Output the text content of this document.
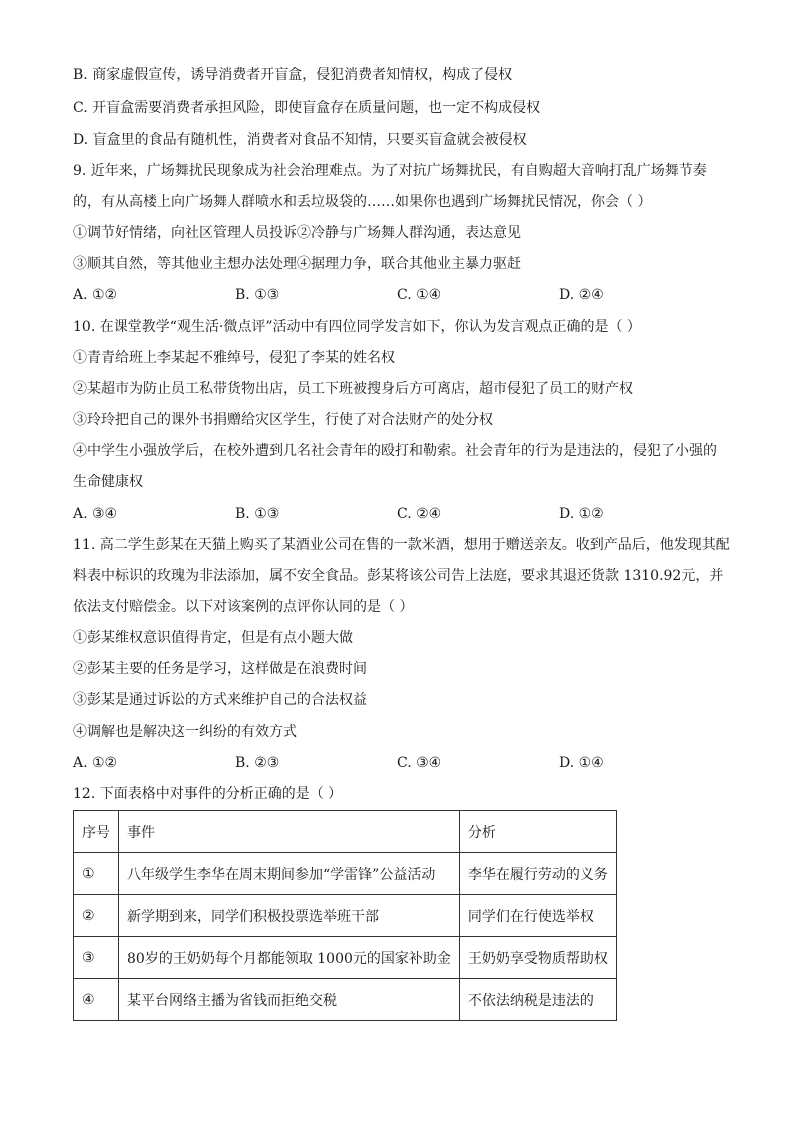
B. 商家虚假宣传，诱导消费者开盲盒，侵犯消费者知情权，构成了侵权
C. 开盲盒需要消费者承担风险，即使盲盒存在质量问题，也一定不构成侵权
D. 盲盒里的食品有随机性，消费者对食品不知情，只要买盲盒就会被侵权
9. 近年来，广场舞扰民现象成为社会治理难点。为了对抗广场舞扰民，有自购超大音响打乱广场舞节奏
的，有从高楼上向广场舞人群喷水和丢垃圾袋的……如果你也遇到广场舞扰民情况，你会（ ）
①调节好情绪，向社区管理人员投诉②冷静与广场舞人群沟通，表达意见
③顺其自然，等其他业主想办法处理④据理力争，联合其他业主暴力驱赶
A. ①②	B. ①③	C. ①④	D. ②④
10. 在课堂教学“观生活·微点评”活动中有四位同学发言如下，你认为发言观点正确的是（ ）
①青青给班上李某起不雅绰号，侵犯了李某的姓名权
②某超市为防止员工私带货物出店，员工下班被搜身后方可离店，超市侵犯了员工的财产权
③玲玲把自己的课外书捐赠给灾区学生，行使了对合法财产的处分权
④中学生小强放学后，在校外遭到几名社会青年的殴打和勒索。社会青年的行为是违法的，侵犯了小强的
生命健康权
A. ③④	B. ①③	C. ②④	D. ①②
11. 高二学生彭某在天猫上购买了某酒业公司在售的一款米酒，想用于赠送亲友。收到产品后，他发现其配
料表中标识的玫瑰为非法添加，属不安全食品。彭某将该公司告上法庭，要求其退还货款 1310.92元，并
依法支付赔偿金。以下对该案例的点评你认同的是（ ）
①彭某维权意识值得肯定，但是有点小题大做
②彭某主要的任务是学习，这样做是在浪费时间
③彭某是通过诉讼的方式来维护自己的合法权益
④调解也是解决这一纠纷的有效方式
A. ①②	B. ②③	C. ③④	D. ①④
12. 下面表格中对事件的分析正确的是（ ）
序号	事件	分析
①	八年级学生李华在周末期间参加“学雷锋”公益活动	李华在履行劳动的义务
②	新学期到来，同学们积极投票选举班干部	同学们在行使选举权
③	80岁的王奶奶每个月都能领取 1000元的国家补助金	王奶奶享受物质帮助权
④	某平台网络主播为省钱而拒绝交税	不依法纳税是违法的
